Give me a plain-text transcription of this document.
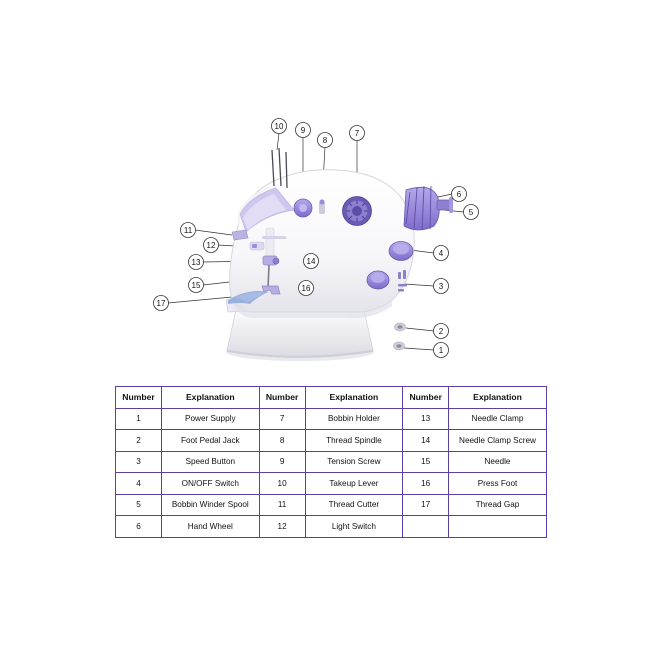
1
2
3
4
5
6
7
8
9
10
11
12
13	14
15	16
17
Number	Explanation	Number	Explanation	Number	Explanation
1	Power Supply	7	Bobbin Holder	13	Needle Clamp
2	Foot Pedal Jack	8	Thread Spindle	14	Needle Clamp Screw
3	Speed Button	9	Tension Screw	15	Needle
4	ON/OFF Switch	10	Takeup Lever	16	Press Foot
5	Bobbin Winder Spool	11	Thread Cutter	17	Thread Gap
6	Hand Wheel	12	Light Switch		
